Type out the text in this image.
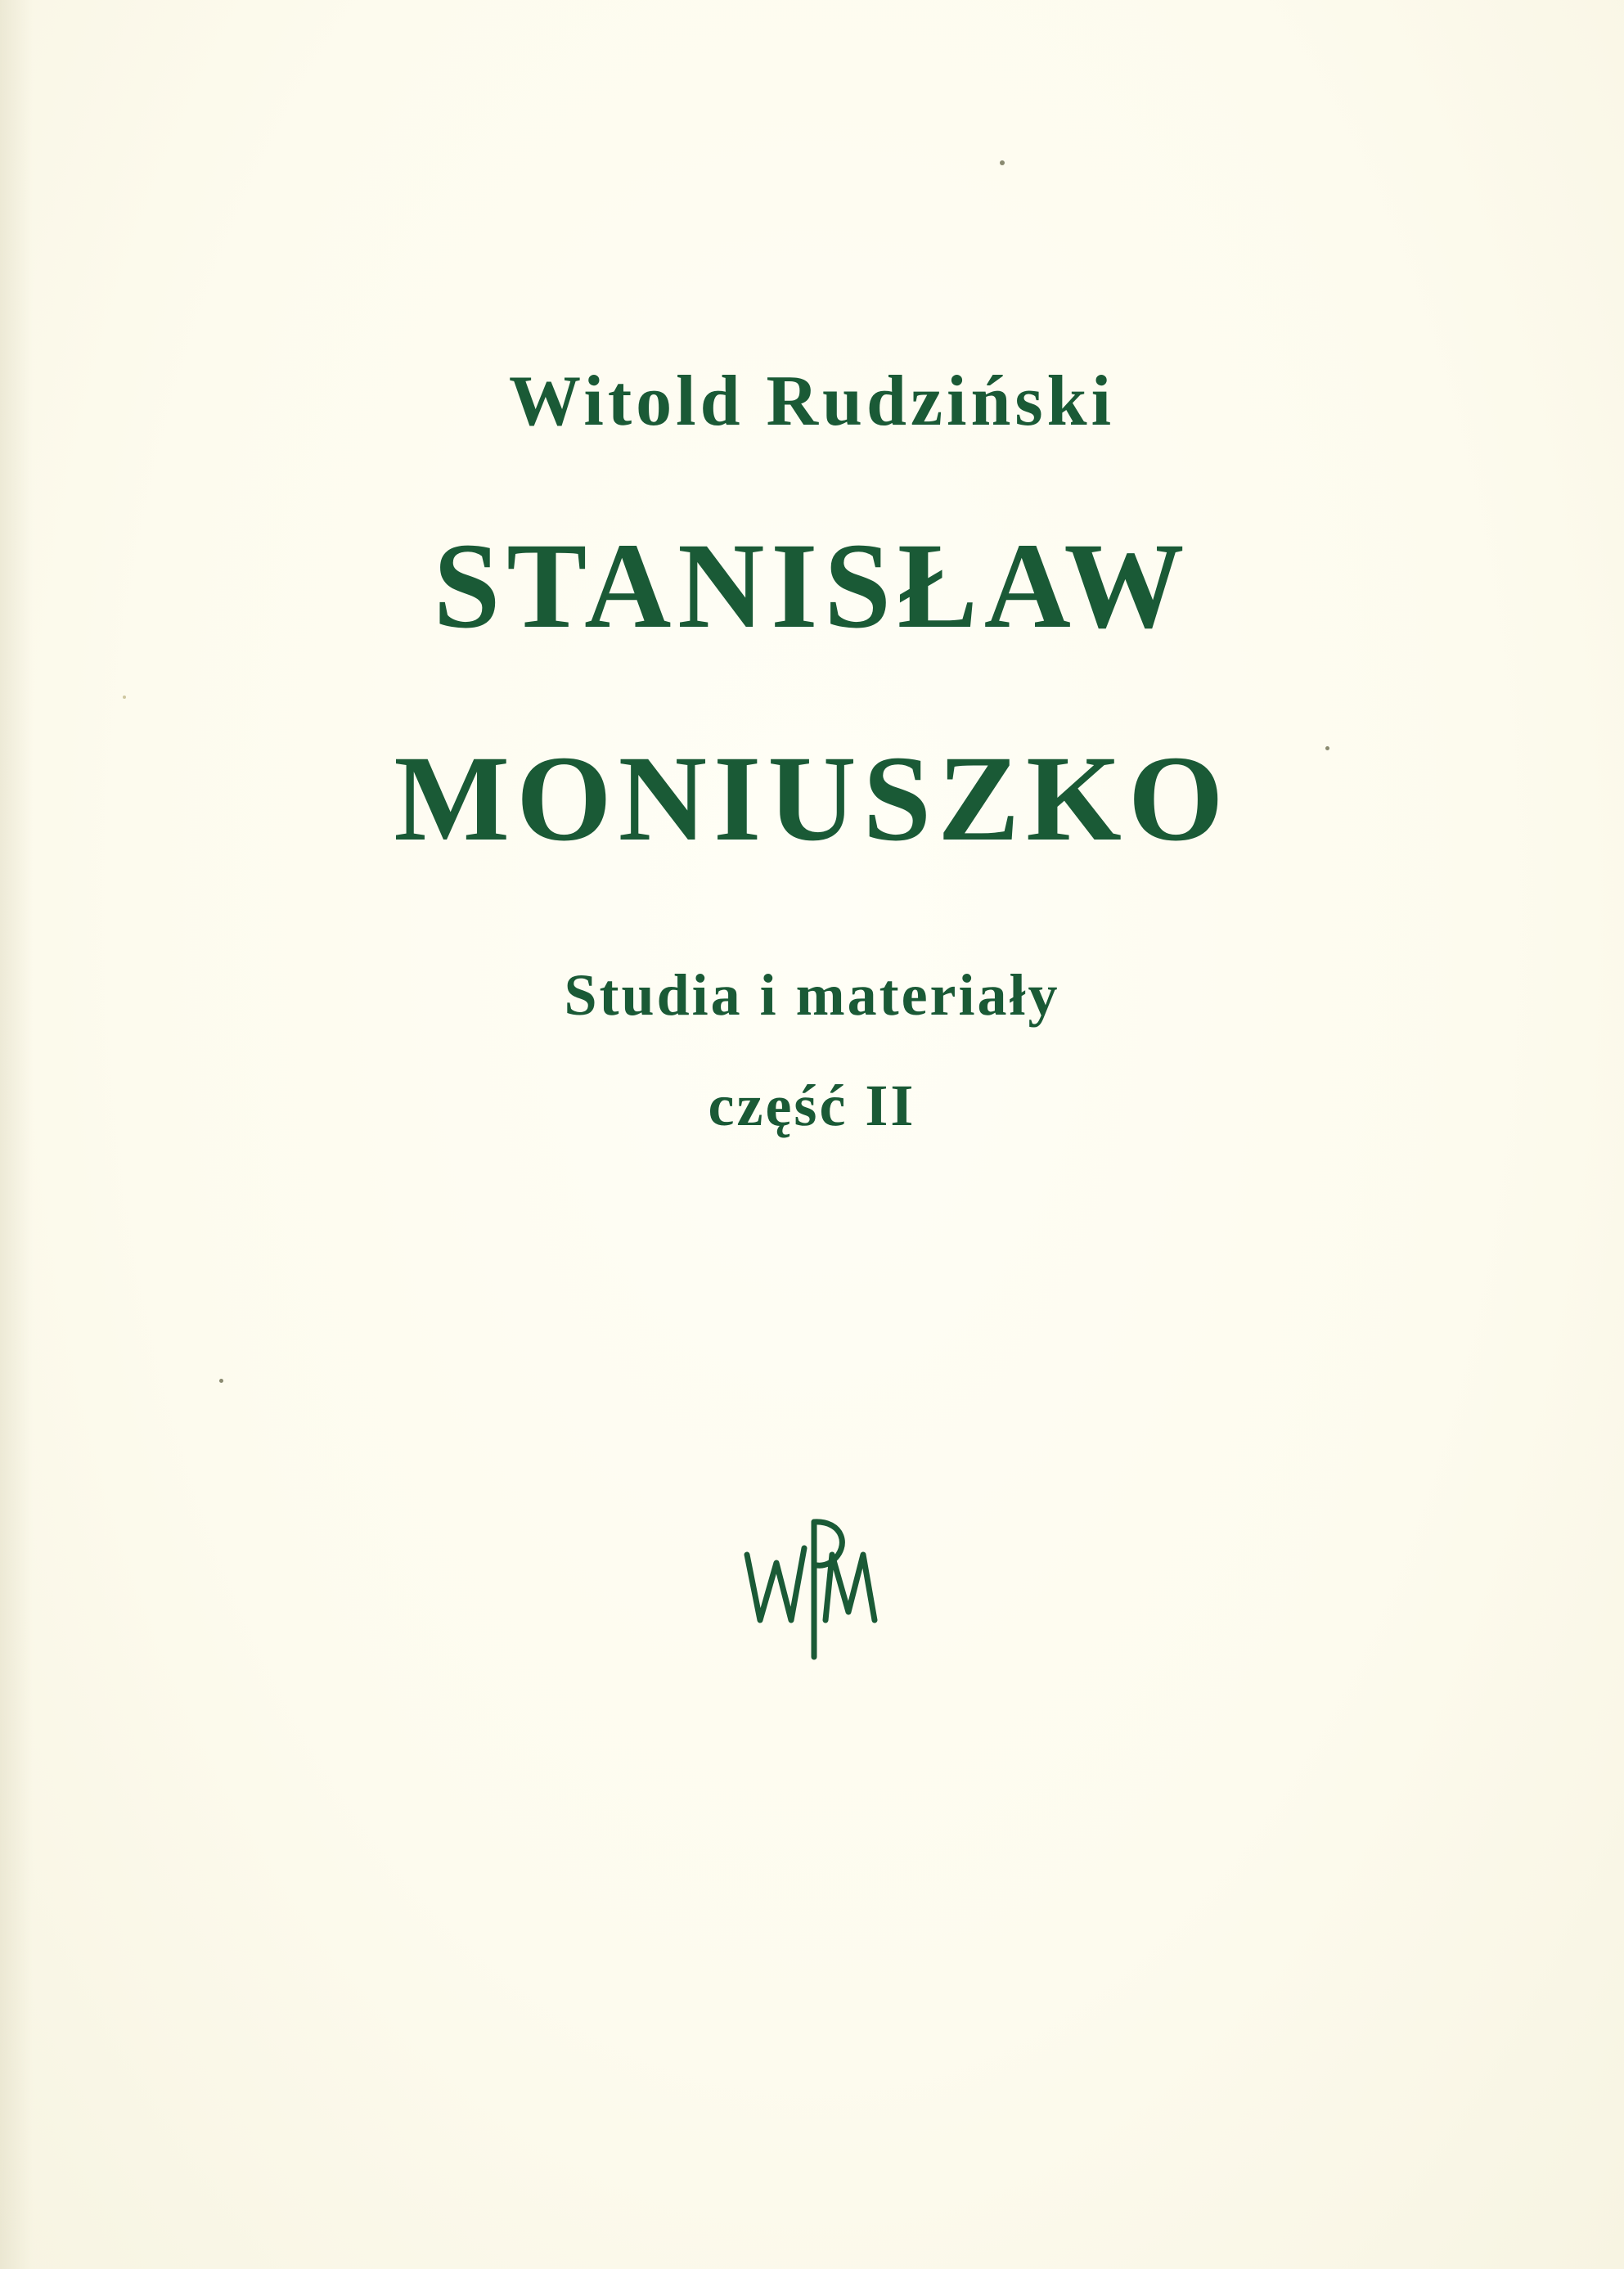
Witold Rudziński
STANISŁAW
MONIUSZKO
Studia i materiały
część II
